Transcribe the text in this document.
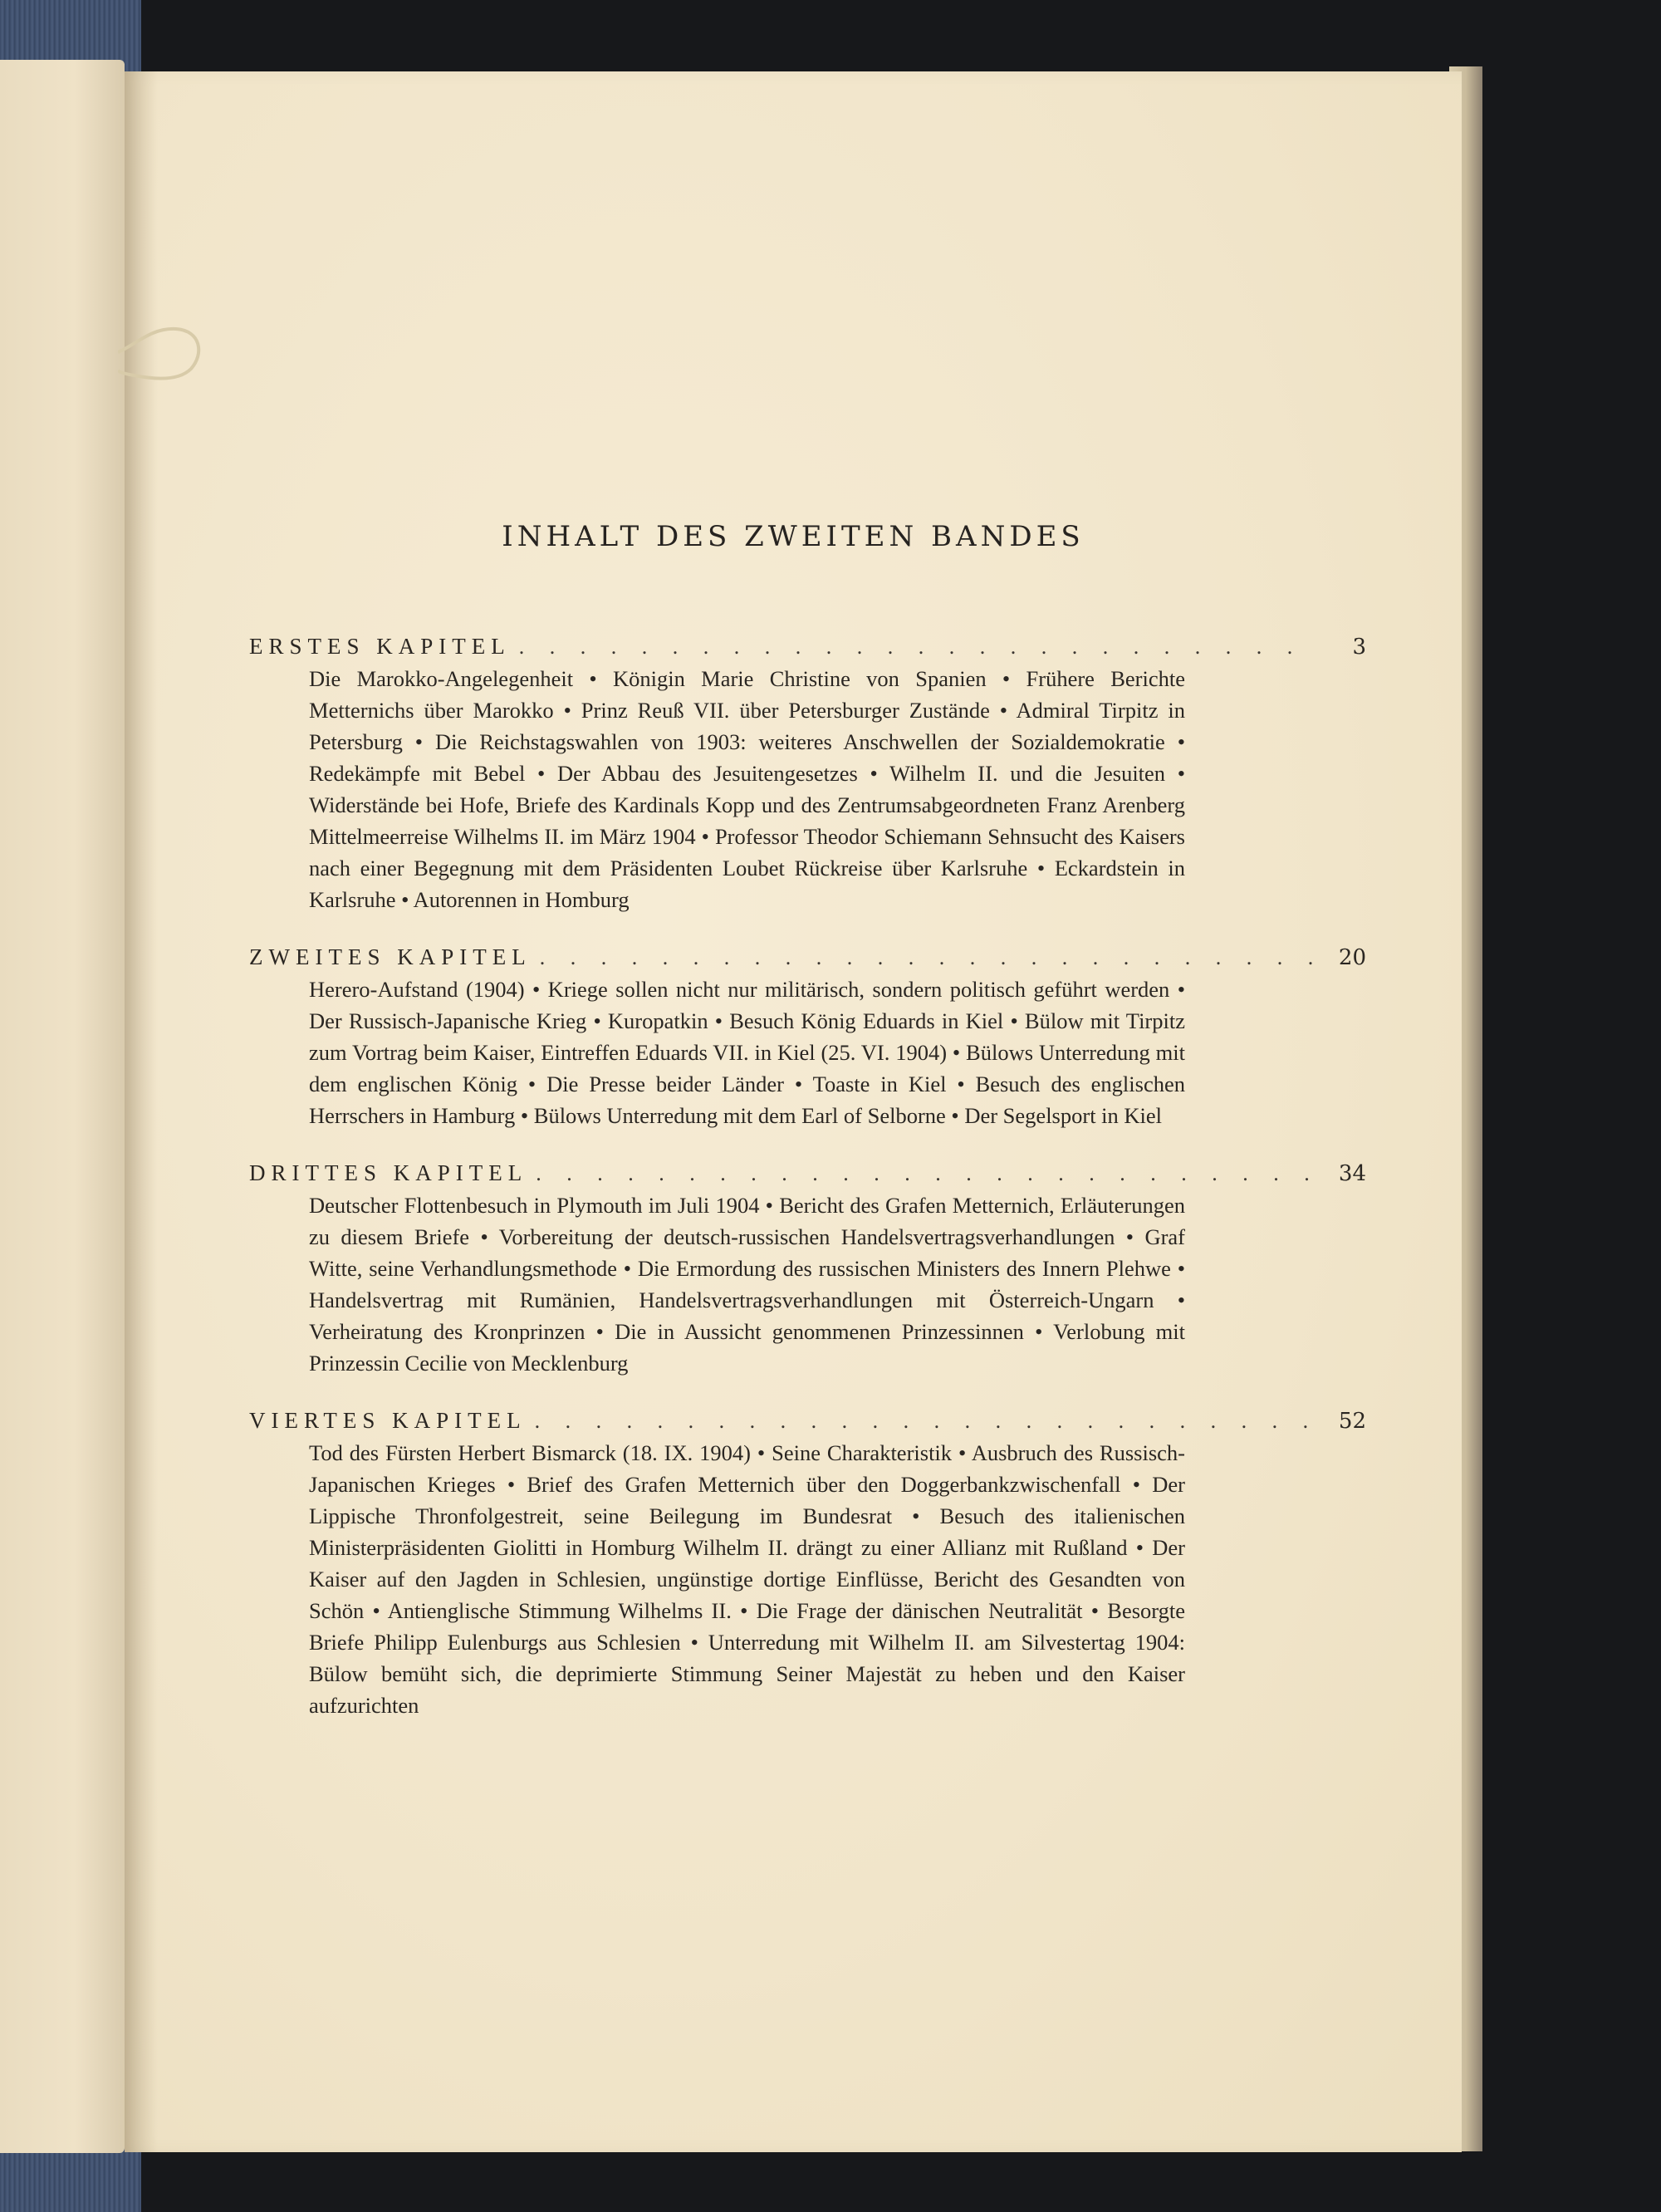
INHALT DES ZWEITEN BANDES
ERSTES KAPITEL . . .	3
Die Marokko-Angelegenheit • Königin Marie Christine von Spanien • Frühere Berichte Metternichs über Marokko • Prinz Reuß VII. über Petersburger Zustände • Admiral Tirpitz in Petersburg • Die Reichstagswahlen von 1903: weiteres Anschwellen der Sozialdemokratie • Redekämpfe mit Bebel • Der Abbau des Jesuitengesetzes • Wilhelm II. und die Jesuiten • Widerstände bei Hofe, Briefe des Kardinals Kopp und des Zentrumsabgeordneten Franz Arenberg Mittelmeerreise Wilhelms II. im März 1904 • Professor Theodor Schiemann Sehnsucht des Kaisers nach einer Begegnung mit dem Präsidenten Loubet Rückreise über Karlsruhe • Eckardstein in Karlsruhe • Autorennen in Homburg
ZWEITES KAPITEL . . .	20
Herero-Aufstand (1904) • Kriege sollen nicht nur militärisch, sondern politisch geführt werden • Der Russisch-Japanische Krieg • Kuropatkin • Besuch König Eduards in Kiel • Bülow mit Tirpitz zum Vortrag beim Kaiser, Eintreffen Eduards VII. in Kiel (25. VI. 1904) • Bülows Unterredung mit dem englischen König • Die Presse beider Länder • Toaste in Kiel • Besuch des englischen Herrschers in Hamburg • Bülows Unterredung mit dem Earl of Selborne • Der Segelsport in Kiel
DRITTES KAPITEL . . .	34
Deutscher Flottenbesuch in Plymouth im Juli 1904 • Bericht des Grafen Metternich, Erläuterungen zu diesem Briefe • Vorbereitung der deutsch-russischen Handelsvertragsverhandlungen • Graf Witte, seine Verhandlungsmethode • Die Ermordung des russischen Ministers des Innern Plehwe • Handelsvertrag mit Rumänien, Handelsvertragsverhandlungen mit Österreich-Ungarn • Verheiratung des Kronprinzen • Die in Aussicht genommenen Prinzessinnen • Verlobung mit Prinzessin Cecilie von Mecklenburg
VIERTES KAPITEL . . .	52
Tod des Fürsten Herbert Bismarck (18. IX. 1904) • Seine Charakteristik • Ausbruch des Russisch-Japanischen Krieges • Brief des Grafen Metternich über den Doggerbankzwischenfall • Der Lippische Thronfolgestreit, seine Beilegung im Bundesrat • Besuch des italienischen Ministerpräsidenten Giolitti in Homburg Wilhelm II. drängt zu einer Allianz mit Rußland • Der Kaiser auf den Jagden in Schlesien, ungünstige dortige Einflüsse, Bericht des Gesandten von Schön • Antienglische Stimmung Wilhelms II. • Die Frage der dänischen Neutralität • Besorgte Briefe Philipp Eulenburgs aus Schlesien • Unterredung mit Wilhelm II. am Silvestertag 1904: Bülow bemüht sich, die deprimierte Stimmung Seiner Majestät zu heben und den Kaiser aufzurichten
